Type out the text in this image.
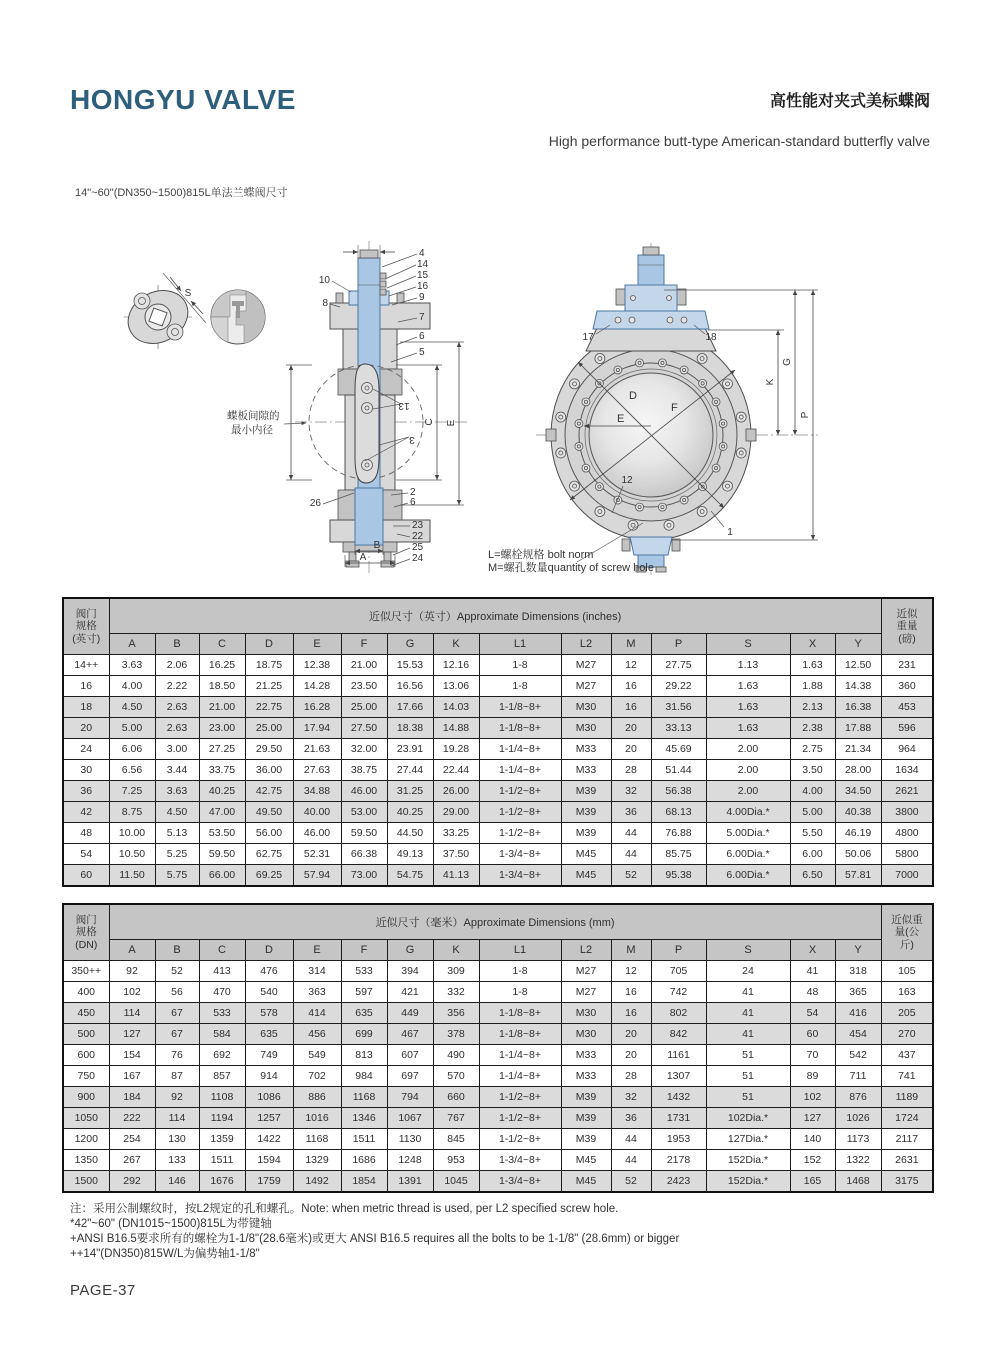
HONGYU VALVE	高性能对夹式美标蝶阀
High performance butt-type American-standard butterfly valve
14"~60"(DN350~1500)815L单法兰蝶阀尺寸
S
C E
B
A
蝶板间隙的
最小内径
4
14
15
16
9
10
8
7
6
5
13
3
2
6
26
23
22
25
24
D
F
E
K
G
P
17	18
12
1
L=螺栓规格 bolt norm
M=螺孔数量quantity of screw hole
阀门
规格
(英寸)
	近似尺寸（英寸）Approximate Dimensions (inches)	近似
重量
(磅)

	A	B	C	D	E	F	G	K	L1	L2	M	P	S	X	Y	
14++	3.63	2.06	16.25	18.75	12.38	21.00	15.53	12.16	1-8	M27	12	27.75	1.13	1.63	12.50	231
16	4.00	2.22	18.50	21.25	14.28	23.50	16.56	13.06	1-8	M27	16	29.22	1.63	1.88	14.38	360
18	4.50	2.63	21.00	22.75	16.28	25.00	17.66	14.03	1-1/8~8+	M30	16	31.56	1.63	2.13	16.38	453
20	5.00	2.63	23.00	25.00	17.94	27.50	18.38	14.88	1-1/8~8+	M30	20	33.13	1.63	2.38	17.88	596
24	6.06	3.00	27.25	29.50	21.63	32.00	23.91	19.28	1-1/4~8+	M33	20	45.69	2.00	2.75	21.34	964
30	6.56	3.44	33.75	36.00	27.63	38.75	27.44	22.44	1-1/4~8+	M33	28	51.44	2.00	3.50	28.00	1634
36	7.25	3.63	40.25	42.75	34.88	46.00	31.25	26.00	1-1/2~8+	M39	32	56.38	2.00	4.00	34.50	2621
42	8.75	4.50	47.00	49.50	40.00	53.00	40.25	29.00	1-1/2~8+	M39	36	68.13	4.00Dia.*	5.00	40.38	3800
48	10.00	5.13	53.50	56.00	46.00	59.50	44.50	33.25	1-1/2~8+	M39	44	76.88	5.00Dia.*	5.50	46.19	4800
54	10.50	5.25	59.50	62.75	52.31	66.38	49.13	37.50	1-3/4~8+	M45	44	85.75	6.00Dia.*	6.00	50.06	5800
60	11.50	5.75	66.00	69.25	57.94	73.00	54.75	41.13	1-3/4~8+	M45	52	95.38	6.00Dia.*	6.50	57.81	7000
阀门
规格
(DN)
	近似尺寸（毫米）Approximate Dimensions (mm)	近似重
量(公
斤)

	A	B	C	D	E	F	G	K	L1	L2	M	P	S	X	Y	
350++	92	52	413	476	314	533	394	309	1-8	M27	12	705	24	41	318	105
400	102	56	470	540	363	597	421	332	1-8	M27	16	742	41	48	365	163
450	114	67	533	578	414	635	449	356	1-1/8~8+	M30	16	802	41	54	416	205
500	127	67	584	635	456	699	467	378	1-1/8~8+	M30	20	842	41	60	454	270
600	154	76	692	749	549	813	607	490	1-1/4~8+	M33	20	1161	51	70	542	437
750	167	87	857	914	702	984	697	570	1-1/4~8+	M33	28	1307	51	89	711	741
900	184	92	1108	1086	886	1168	794	660	1-1/2~8+	M39	32	1432	51	102	876	1189
1050	222	114	1194	1257	1016	1346	1067	767	1-1/2~8+	M39	36	1731	102Dia.*	127	1026	1724
1200	254	130	1359	1422	1168	1511	1130	845	1-1/2~8+	M39	44	1953	127Dia.*	140	1173	2117
1350	267	133	1511	1594	1329	1686	1248	953	1-3/4~8+	M45	44	2178	152Dia.*	152	1322	2631
1500	292	146	1676	1759	1492	1854	1391	1045	1-3/4~8+	M45	52	2423	152Dia.*	165	1468	3175
注：采用公制螺纹时，按L2规定的孔和螺孔。Note: when metric thread is used, per L2 specified screw hole.
*42"~60" (DN1015~1500)815L为带键轴
+ANSI B16.5要求所有的螺栓为1-1/8"(28.6毫米)或更大 ANSI B16.5 requires all the bolts to be 1-1/8" (28.6mm) or bigger
++14"(DN350)815W/L为偏势轴1-1/8"
PAGE-37
